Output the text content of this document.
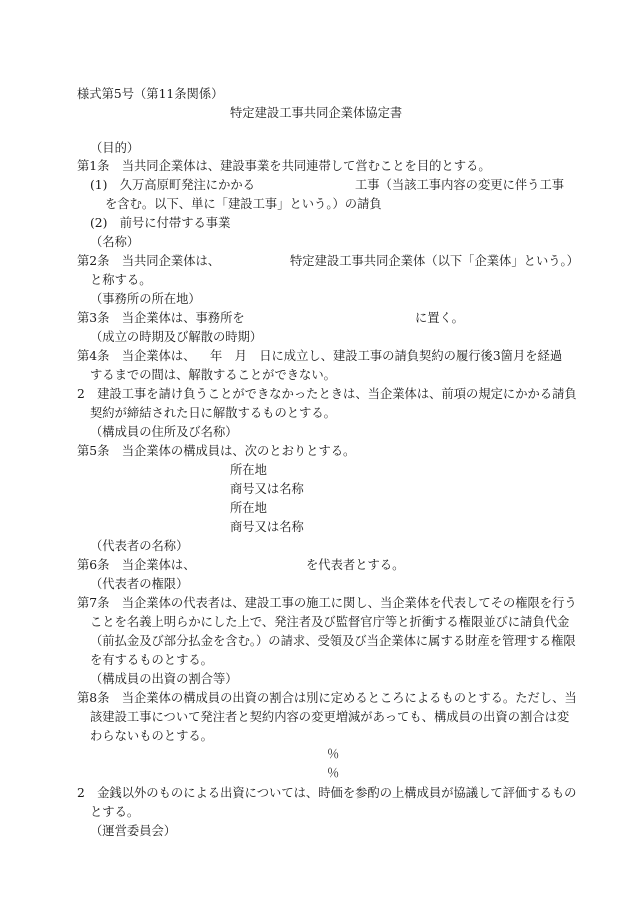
様式第5号（第11条関係）
特定建設工事共同企業体協定書
（目的）
第1条　当共同企業体は、建設事業を共同連帯して営むことを目的とする。
(1)　久万高原町発注にかかる	工事（当該工事内容の変更に伴う工事
を含む。以下、単に「建設工事」という。）の請負
(2)　前号に付帯する事業
（名称）
第2条　当共同企業体は、	特定建設工事共同企業体（以下「企業体」という。）
と称する。
（事務所の所在地）
第3条　当企業体は、事務所を	に置く。
（成立の時期及び解散の時期）
第4条　当企業体は、 年　月　日に成立し、建設工事の請負契約の履行後3箇月を経過
するまでの間は、解散することができない。
2　建設工事を請け負うことができなかったときは、当企業体は、前項の規定にかかる請負
契約が締結された日に解散するものとする。
（構成員の住所及び名称）
第5条　当企業体の構成員は、次のとおりとする。
所在地
商号又は名称
所在地
商号又は名称
（代表者の名称）
第6条　当企業体は、	を代表者とする。
（代表者の権限）
第7条　当企業体の代表者は、建設工事の施工に関し、当企業体を代表してその権限を行う
ことを名義上明らかにした上で、発注者及び監督官庁等と折衝する権限並びに請負代金
（前払金及び部分払金を含む。）の請求、受領及び当企業体に属する財産を管理する権限
を有するものとする。
（構成員の出資の割合等）
第8条　当企業体の構成員の出資の割合は別に定めるところによるものとする。ただし、当
該建設工事について発注者と契約内容の変更増減があっても、構成員の出資の割合は変
わらないものとする。
％
％
2　金銭以外のものによる出資については、時価を参酌の上構成員が協議して評価するもの
とする。
（運営委員会）
